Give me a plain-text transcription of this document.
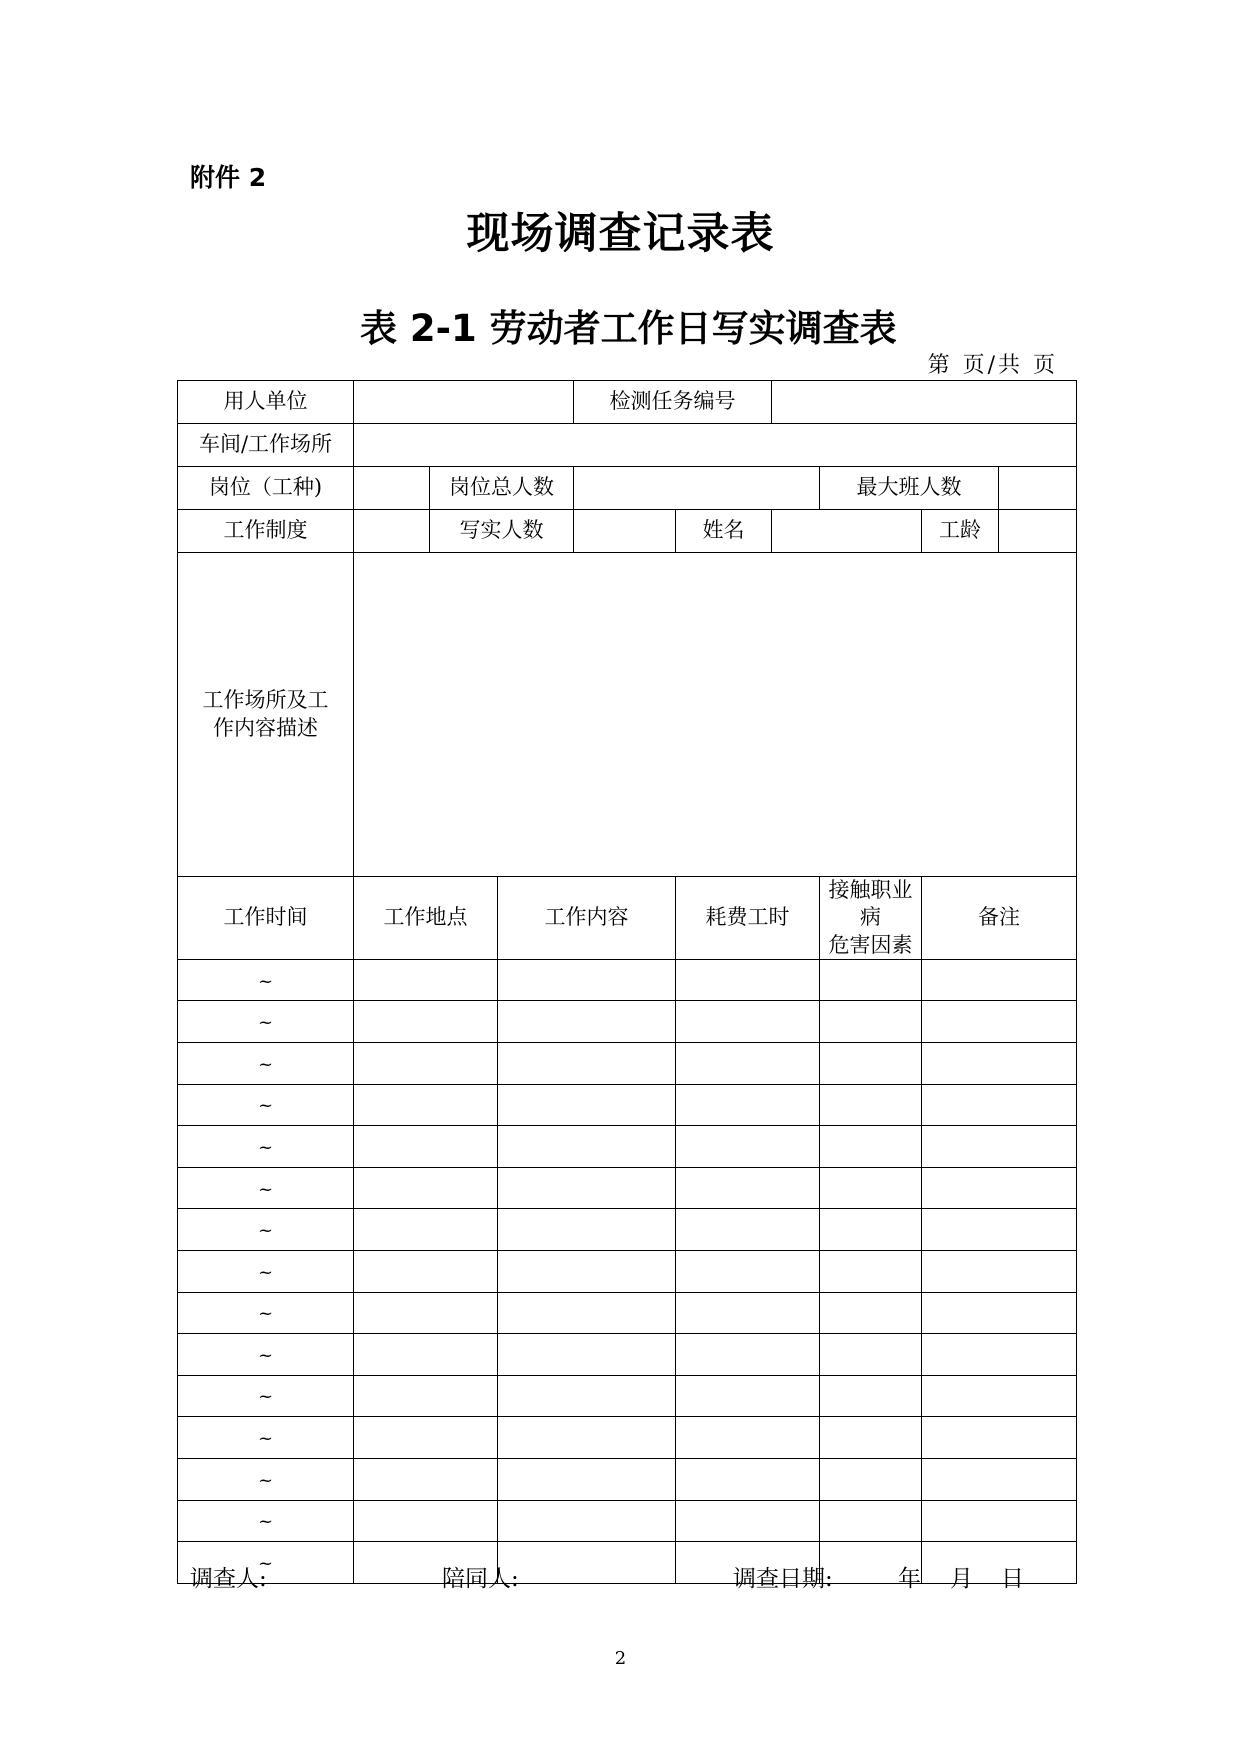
附件 2
现场调查记录表
表 2-1 劳动者工作日写实调查表
第 页/共 页
用人单位				检测任务编号					
车间/工作场所									
岗位（工种)		岗位总人数					最大班人数		
工作制度		写实人数			姓名			工龄	

工作场所及工
作内容描述									

工作时间	工作地点		工作内容		耗费工时		接触职业病
危害因素	备注	
~									
~									
~									
~									
~									
~									
~									
~									
~									
~									
~									
~									
~									
~									
~									
调查人:	陪同人:	调查日期:	年 月 日
2
